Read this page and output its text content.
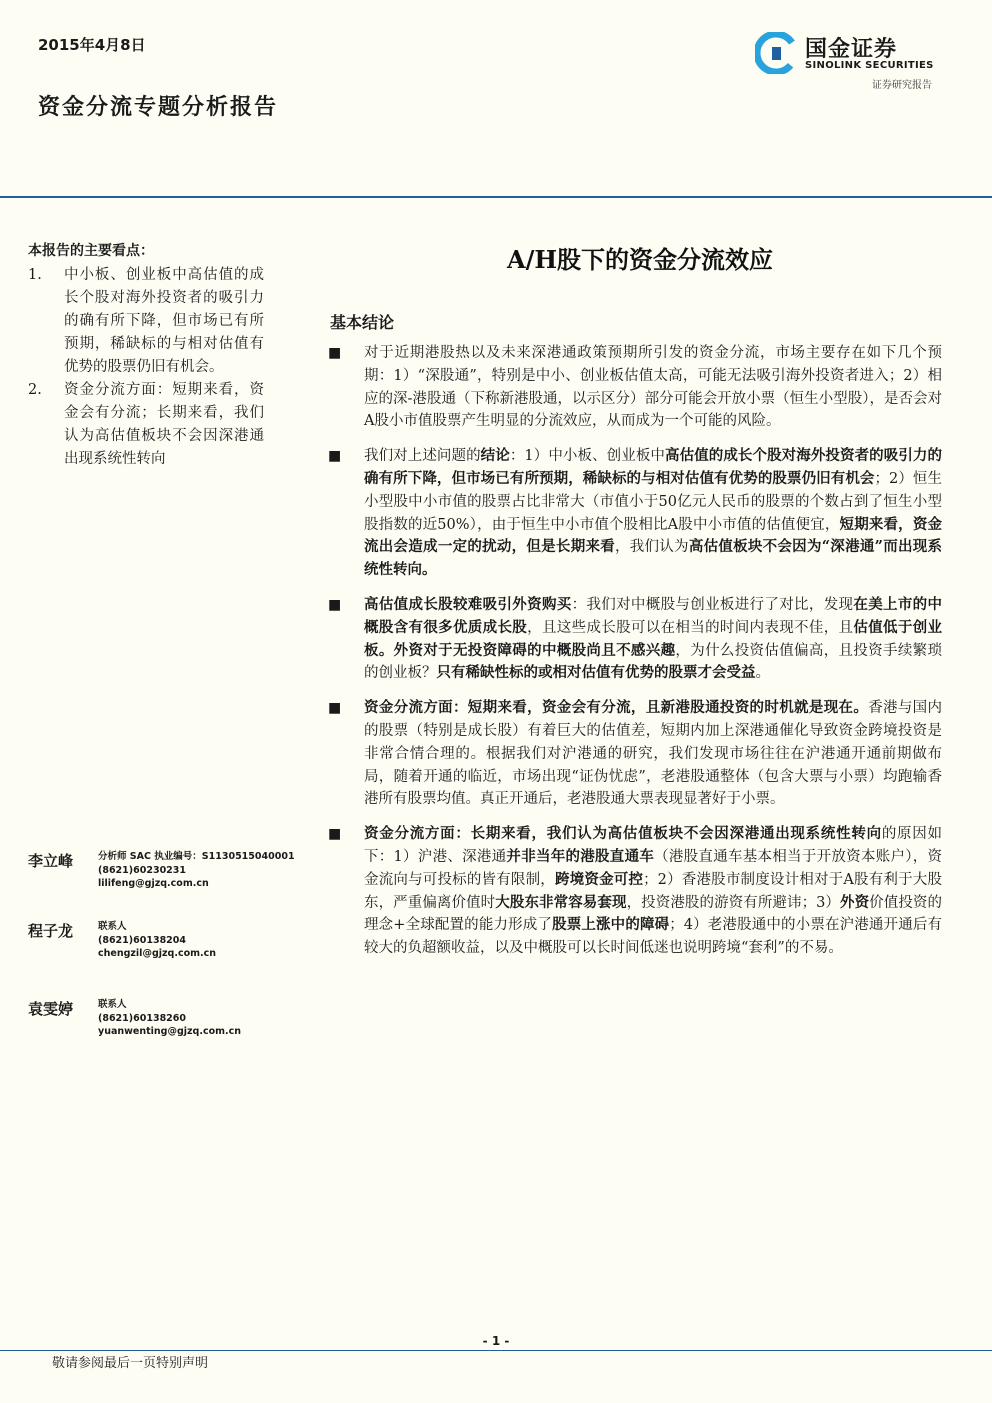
2015年4月8日
资金分流专题分析报告
国金证券
SINOLINK SECURITIES
证券研究报告
本报告的主要看点：
1.	中小板、创业板中高估值的成长个股对海外投资者的吸引力的确有所下降，但市场已有所预期，稀缺标的与相对估值有优势的股票仍旧有机会。
2.	资金分流方面：短期来看，资金会有分流；长期来看，我们认为高估值板块不会因深港通出现系统性转向
A/H股下的资金分流效应
基本结论
■	对于近期港股热以及未来深港通政策预期所引发的资金分流，市场主要存在如下几个预期：1）“深股通”，特别是中小、创业板估值太高，可能无法吸引海外投资者进入；2）相应的深-港股通（下称新港股通，以示区分）部分可能会开放小票（恒生小型股），是否会对A股小市值股票产生明显的分流效应，从而成为一个可能的风险。
■	我们对上述问题的结论：1）中小板、创业板中高估值的成长个股对海外投资者的吸引力的确有所下降，但市场已有所预期，稀缺标的与相对估值有优势的股票仍旧有机会；2）恒生小型股中小市值的股票占比非常大（市值小于50亿元人民币的股票的个数占到了恒生小型股指数的近50%），由于恒生中小市值个股相比A股中小市值的估值便宜，短期来看，资金流出会造成一定的扰动，但是长期来看，我们认为高估值板块不会因为“深港通”而出现系统性转向。
■	高估值成长股较难吸引外资购买：我们对中概股与创业板进行了对比，发现在美上市的中概股含有很多优质成长股，且这些成长股可以在相当的时间内表现不佳，且估值低于创业板。外资对于无投资障碍的中概股尚且不感兴趣，为什么投资估值偏高，且投资手续繁琐的创业板？只有稀缺性标的或相对估值有优势的股票才会受益。
■	资金分流方面：短期来看，资金会有分流，且新港股通投资的时机就是现在。香港与国内的股票（特别是成长股）有着巨大的估值差，短期内加上深港通催化导致资金跨境投资是非常合情合理的。根据我们对沪港通的研究，我们发现市场往往在沪港通开通前期做布局，随着开通的临近，市场出现“证伪忧虑”，老港股通整体（包含大票与小票）均跑输香港所有股票均值。真正开通后，老港股通大票表现显著好于小票。
■	资金分流方面：长期来看，我们认为高估值板块不会因深港通出现系统性转向的原因如下：1）沪港、深港通并非当年的港股直通车（港股直通车基本相当于开放资本账户），资金流向与可投标的皆有限制，跨境资金可控；2）香港股市制度设计相对于A股有利于大股东，严重偏离价值时大股东非常容易套现，投资港股的游资有所避讳；3）外资价值投资的理念+全球配置的能力形成了股票上涨中的障碍；4）老港股通中的小票在沪港通开通后有较大的负超额收益，以及中概股可以长时间低迷也说明跨境“套利”的不易。
李立峰	分析师 SAC 执业编号：S1130515040001
(8621)60230231
lilifeng@gjzq.com.cn
程子龙	联系人
(8621)60138204
chengzil@gjzq.com.cn
袁雯婷	联系人
(8621)60138260
yuanwenting@gjzq.com.cn
- 1 -
敬请参阅最后一页特别声明
